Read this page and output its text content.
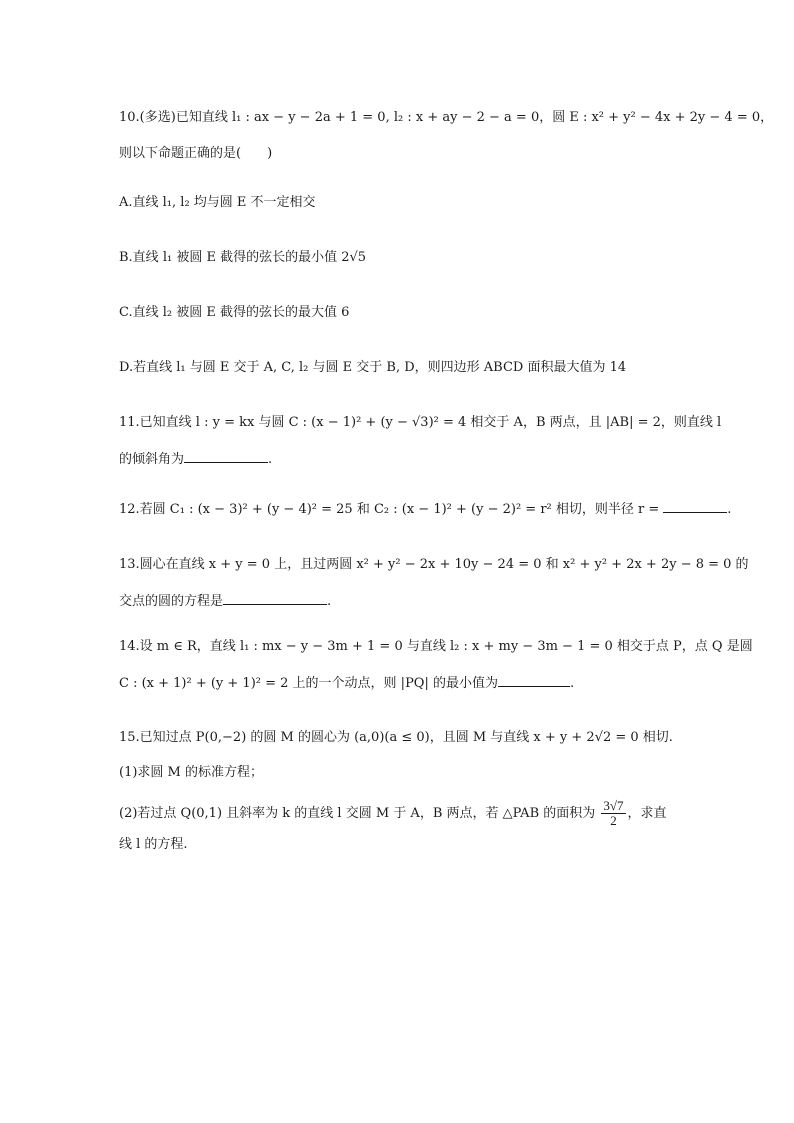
10.(多选)已知直线 l₁ : ax − y − 2a + 1 = 0, l₂ : x + ay − 2 − a = 0，圆 E : x² + y² − 4x + 2y − 4 = 0，
则以下命题正确的是(　　)
A.直线 l₁, l₂ 均与圆 E 不一定相交
B.直线 l₁ 被圆 E 截得的弦长的最小值 2√5
C.直线 l₂ 被圆 E 截得的弦长的最大值 6
D.若直线 l₁ 与圆 E 交于 A, C, l₂ 与圆 E 交于 B, D，则四边形 ABCD 面积最大值为 14
11.已知直线 l : y = kx 与圆 C : (x − 1)² + (y − √3)² = 4 相交于 A，B 两点，且 |AB| = 2，则直线 l
的倾斜角为	.
12.若圆 C₁ : (x − 3)² + (y − 4)² = 25 和 C₂ : (x − 1)² + (y − 2)² = r² 相切，则半径 r =	.
13.圆心在直线 x + y = 0 上，且过两圆 x² + y² − 2x + 10y − 24 = 0 和 x² + y² + 2x + 2y − 8 = 0 的
交点的圆的方程是	.
14.设 m ∈ R，直线 l₁ : mx − y − 3m + 1 = 0 与直线 l₂ : x + my − 3m − 1 = 0 相交于点 P，点 Q 是圆
C : (x + 1)² + (y + 1)² = 2 上的一个动点，则 |PQ| 的最小值为	.
15.已知过点 P(0,−2) 的圆 M 的圆心为 (a,0)(a ≤ 0)，且圆 M 与直线 x + y + 2√2 = 0 相切.
(1)求圆 M 的标准方程；
(2)若过点 Q(0,1) 且斜率为 k 的直线 l 交圆 M 于 A，B 两点，若 △PAB 的面积为 $\frac{3√7}{2}$ ，求直
线 l 的方程.
